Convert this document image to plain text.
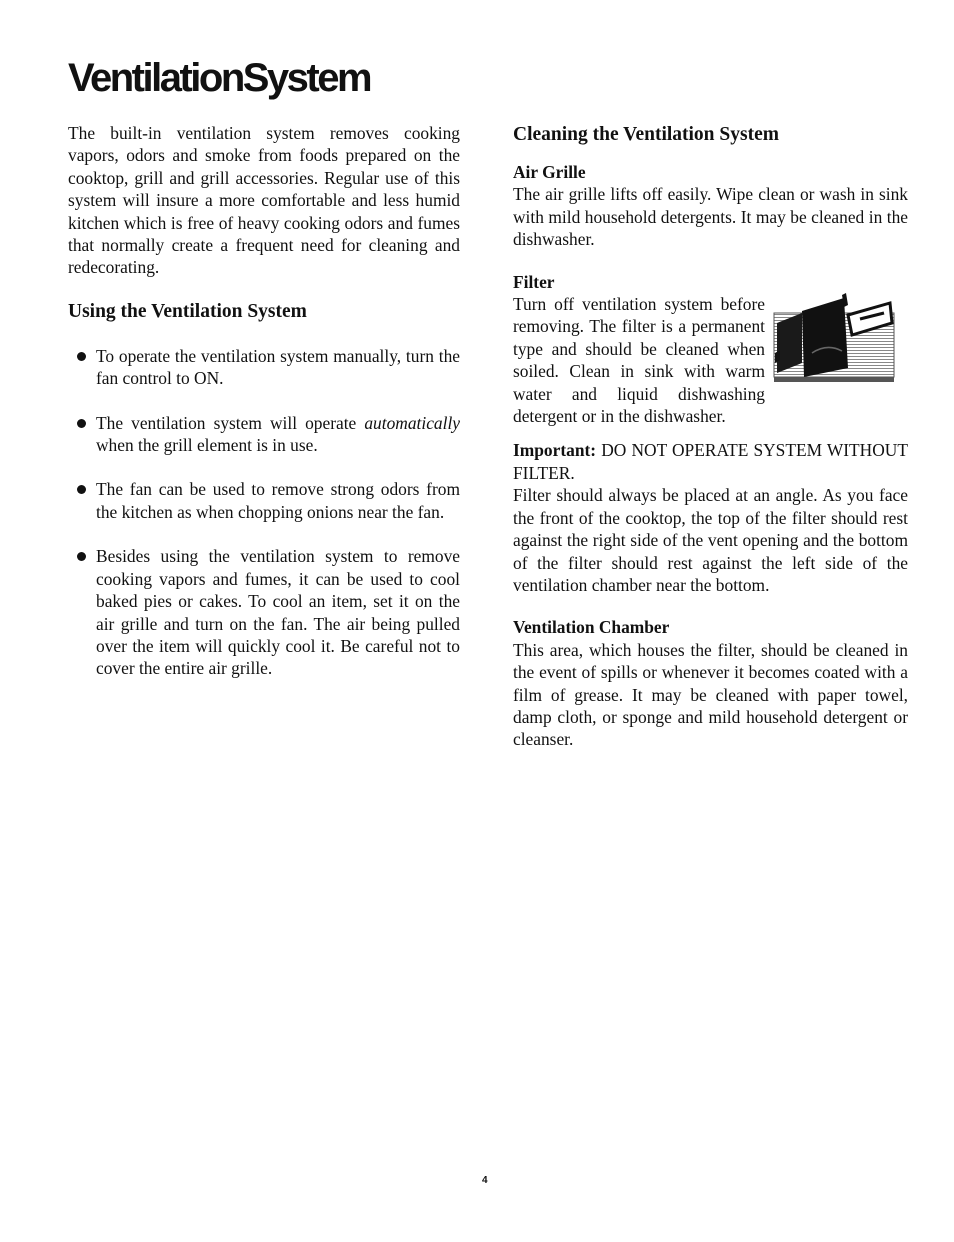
VentilationSystem

The built-in ventilation system removes cooking vapors, odors and smoke from foods prepared on the cooktop, grill and grill accessories. Regular use of this system will insure a more comfortable and less humid kitchen which is free of heavy cooking odors and fumes that normally create a frequent need for cleaning and redecorating.

Using the Ventilation System

To operate the ventilation system manually, turn the fan control to ON.

The ventilation system will operate automatically when the grill element is in use.

The fan can be used to remove strong odors from the kitchen as when chopping onions near the fan.

Besides using the ventilation system to remove cooking vapors and fumes, it can be used to cool baked pies or cakes. To cool an item, set it on the air grille and turn on the fan. The air being pulled over the item will quickly cool it. Be careful not to cover the entire air grille.

Cleaning the Ventilation System
Air Grille

The air grille lifts off easily. Wipe clean or wash in sink with mild household detergents. It may be cleaned in the dishwasher.

Filter

Turn off ventilation system before removing. The filter is a permanent type and should be cleaned when soiled. Clean in sink with warm water and liquid dishwashing detergent or in the dishwasher.

Important: DO NOT OPERATE SYSTEM WITHOUT FILTER.

Filter should always be placed at an angle. As you face the front of the cooktop, the top of the filter should rest against the right side of the vent opening and the bottom of the filter should rest against the left side of the ventilation chamber near the bottom.

Ventilation Chamber

This area, which houses the filter, should be cleaned in the event of spills or whenever it becomes coated with a film of grease. It may be cleaned with paper towel, damp cloth, or sponge and mild household detergent or cleanser.

4
